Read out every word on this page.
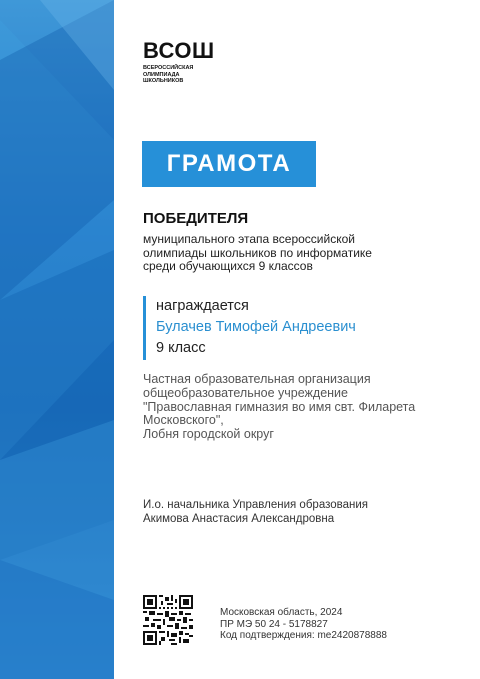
ВСОШ
ВСЕРОССИЙСКАЯ
ОЛИМПИАДА
ШКОЛЬНИКОВ
ГРАМОТА
ПОБЕДИТЕЛЯ
муниципального этапа всероссийской
олимпиады школьников по информатике
среди обучающихся 9 классов
награждается
Булачев Тимофей Андреевич
9 класс
Частная образовательная организация
общеобразовательное учреждение
"Православная гимназия во имя свт. Филарета
Московского",
Лобня городской округ
И.о. начальника Управления образования
Акимова Анастасия Александровна
Московская область, 2024
ПР МЭ 50 24 - 5178827
Код подтверждения: me2420878888
